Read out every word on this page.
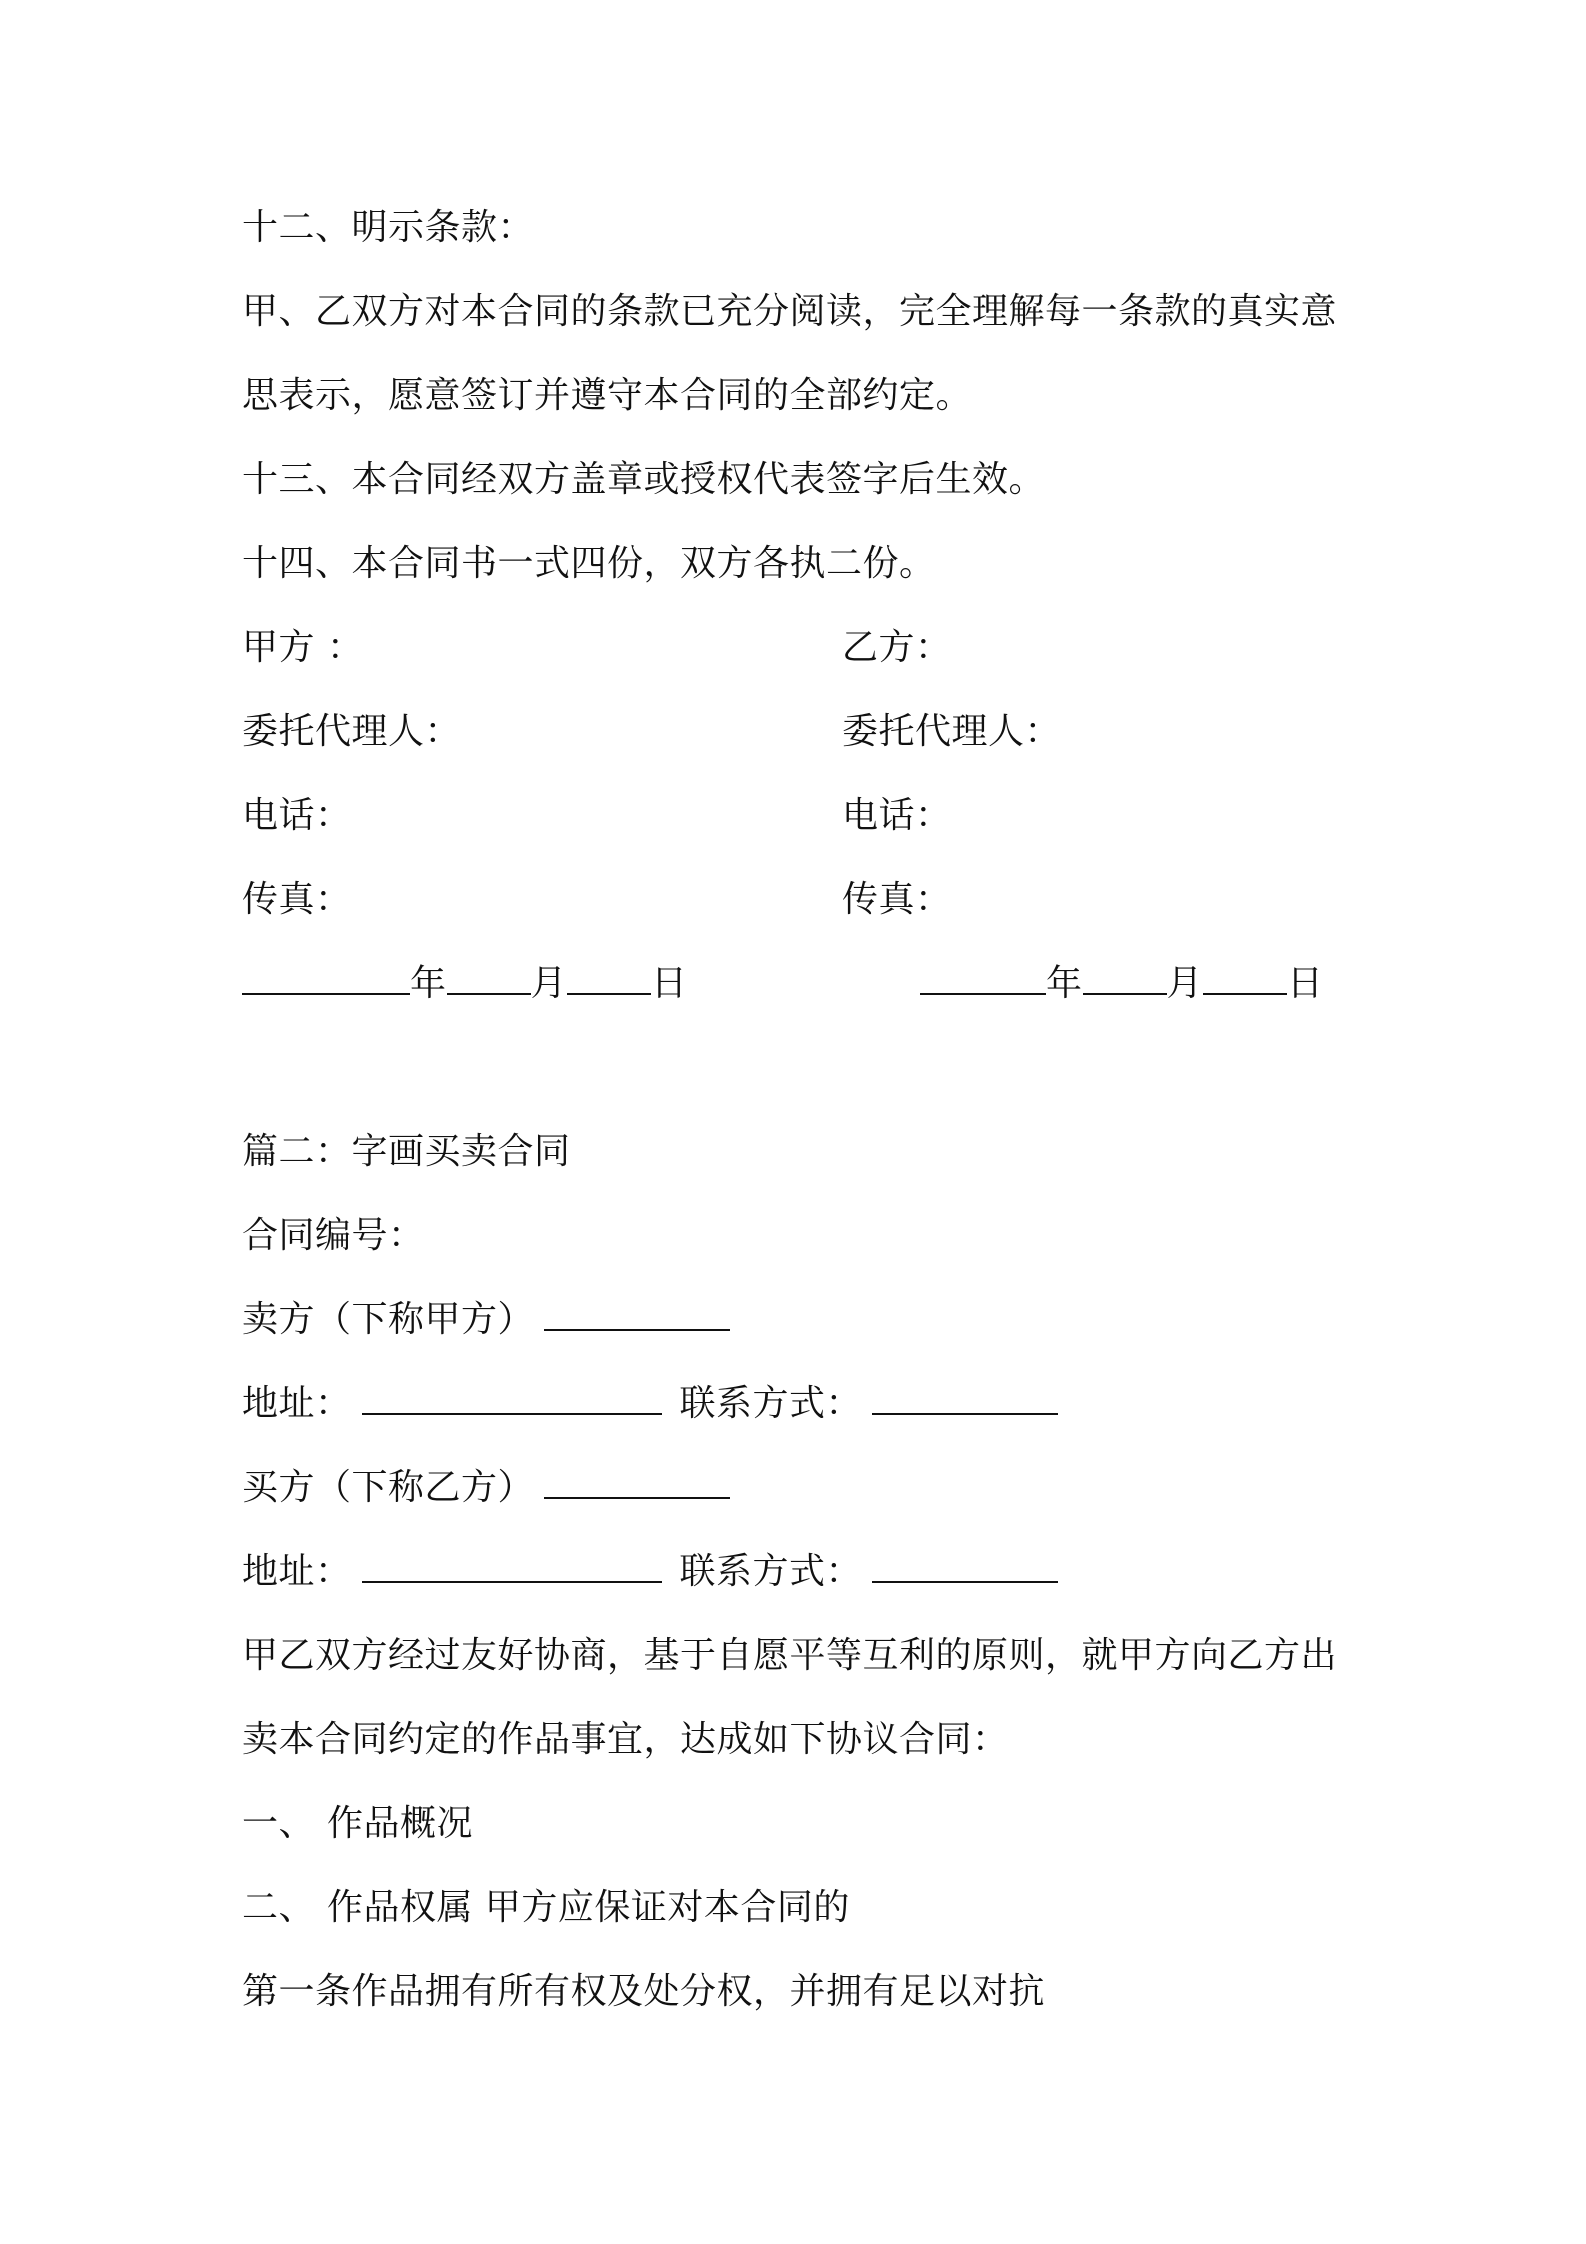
十二、明示条款：
甲、乙双方对本合同的条款已充分阅读，完全理解每一条款的真实意
思表示，愿意签订并遵守本合同的全部约定。
十三、本合同经双方盖章或授权代表签字后生效。
十四、本合同书一式四份，双方各执二份。
甲方 ：	乙方：
委托代理人：	委托代理人：
电话：	电话：
传真：	传真：
年 月 日	年 月 日
篇二：字画买卖合同
合同编号：
卖方（下称甲方）
地址：	联系方式：
买方（下称乙方）
地址：	联系方式：
甲乙双方经过友好协商，基于自愿平等互利的原则，就甲方向乙方出
卖本合同约定的作品事宜，达成如下协议合同：
一、 作品概况
二、 作品权属 甲方应保证对本合同的
第一条作品拥有所有权及处分权，并拥有足以对抗
